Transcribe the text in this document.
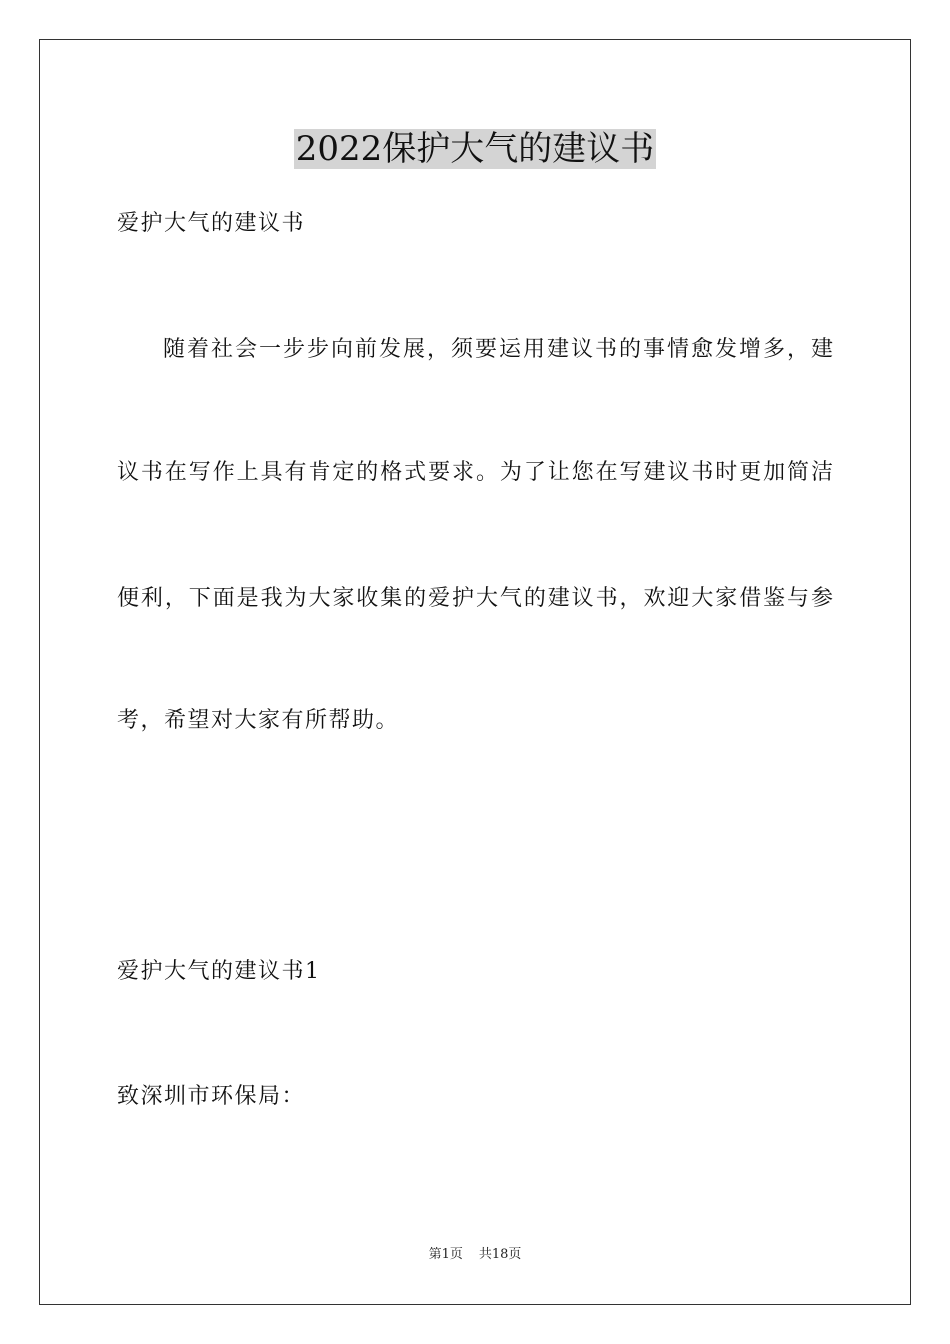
2022保护大气的建议书
爱护大气的建议书
随着社会一步步向前发展，须要运用建议书的事情愈发增多，建
议书在写作上具有肯定的格式要求。为了让您在写建议书时更加简洁
便利，下面是我为大家收集的爱护大气的建议书，欢迎大家借鉴与参
考，希望对大家有所帮助。
爱护大气的建议书1
致深圳市环保局：
第1页 共18页
